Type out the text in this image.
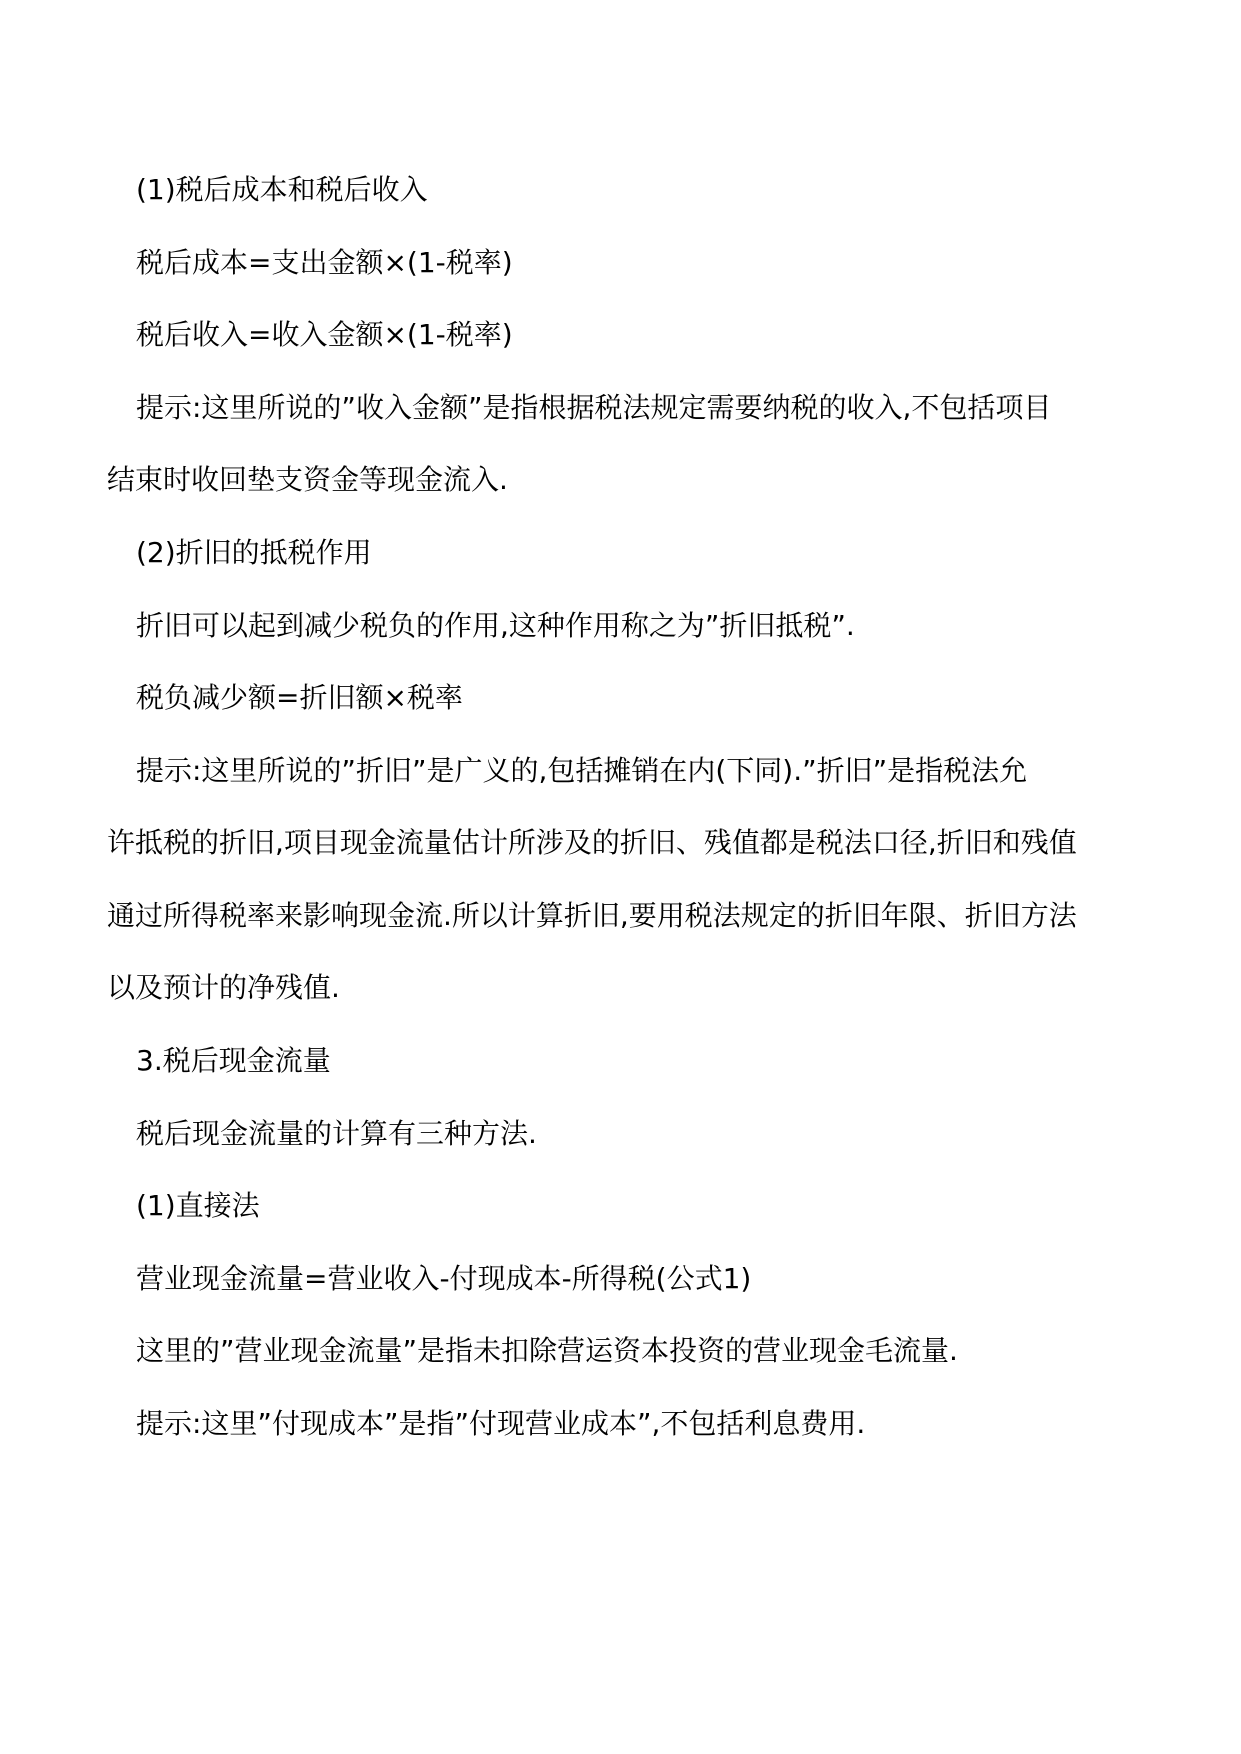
(1)税后成本和税后收入
税后成本=支出金额×(1-税率)
税后收入=收入金额×(1-税率)
提示:这里所说的”收入金额”是指根据税法规定需要纳税的收入,不包括项目
结束时收回垫支资金等现金流入.
(2)折旧的抵税作用
折旧可以起到减少税负的作用,这种作用称之为”折旧抵税”.
税负减少额=折旧额×税率
提示:这里所说的”折旧”是广义的,包括摊销在内(下同).”折旧”是指税法允
许抵税的折旧,项目现金流量估计所涉及的折旧、残值都是税法口径,折旧和残值
通过所得税率来影响现金流.所以计算折旧,要用税法规定的折旧年限、折旧方法
以及预计的净残值.
3.税后现金流量
税后现金流量的计算有三种方法.
(1)直接法
营业现金流量=营业收入-付现成本-所得税(公式1)
这里的”营业现金流量”是指未扣除营运资本投资的营业现金毛流量.
提示:这里”付现成本”是指”付现营业成本”,不包括利息费用.
